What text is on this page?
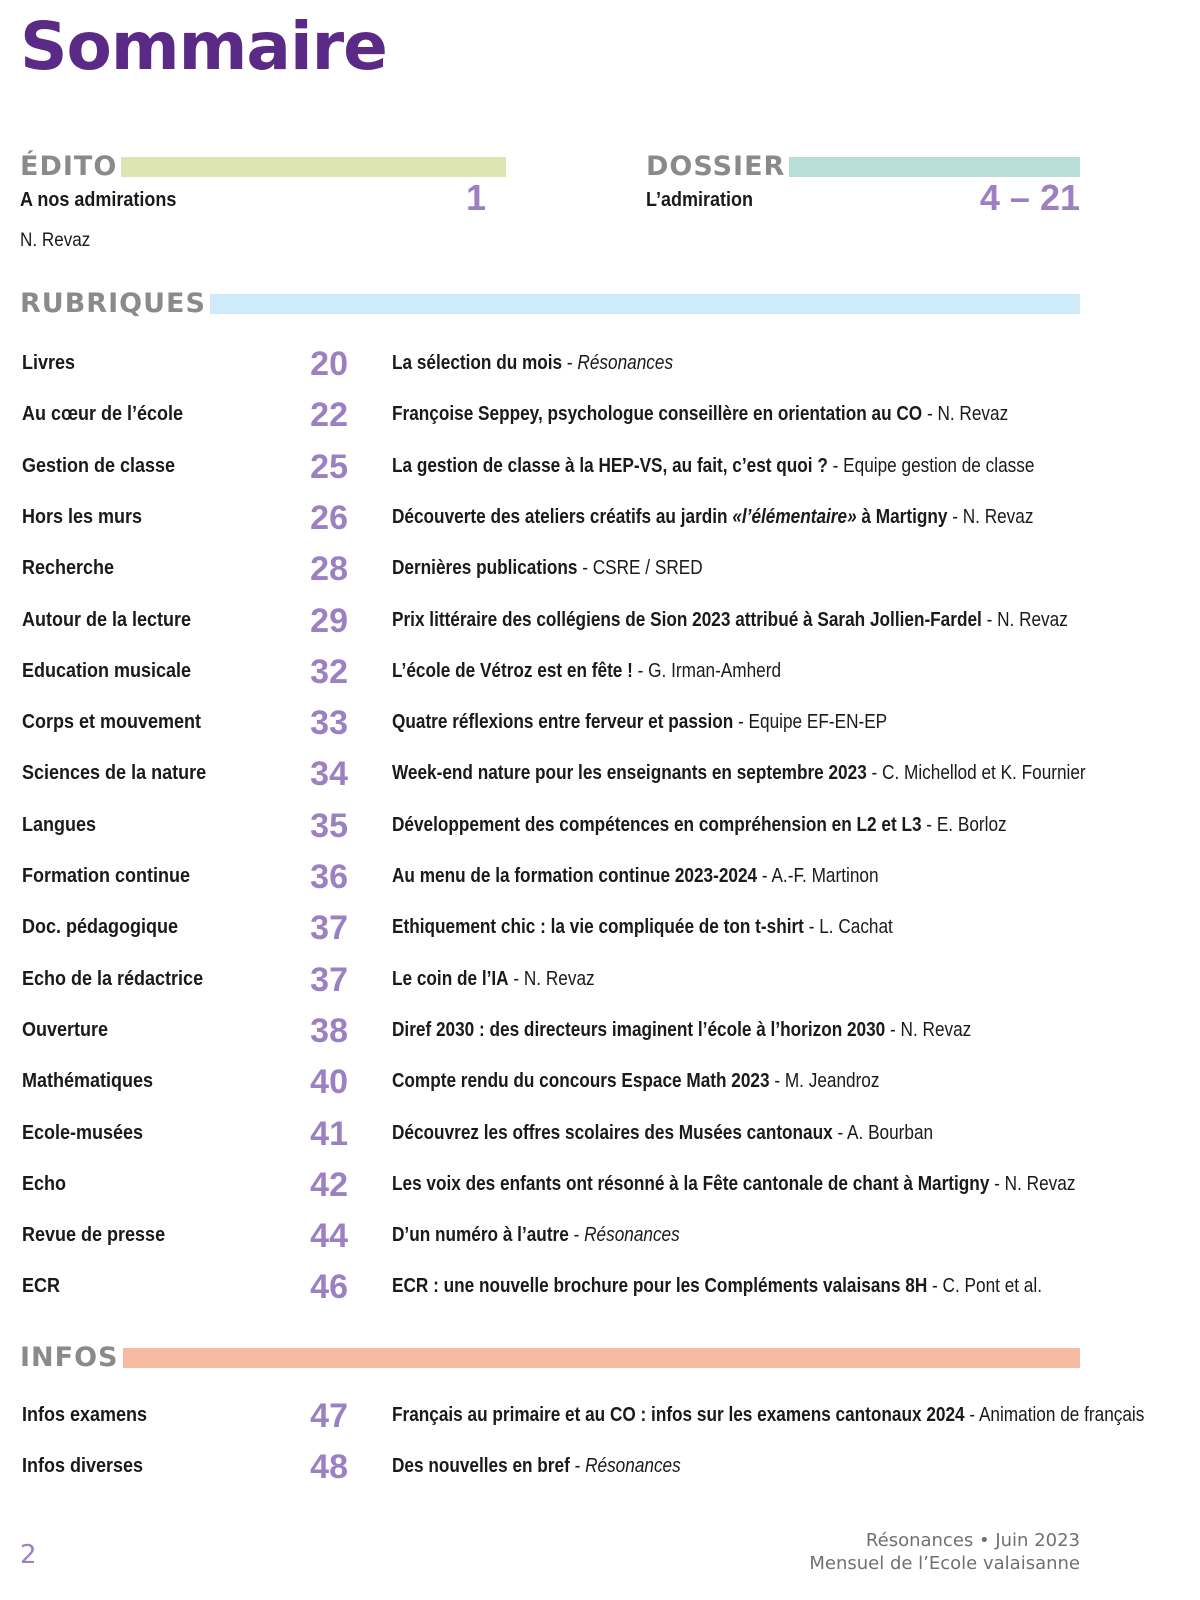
Sommaire
ÉDITO
A nos admirations	1
N. Revaz
DOSSIER
L’admiration	4 – 21
RUBRIQUES
Livres	20 La sélection du mois - Résonances
Au cœur de l’école	22 Françoise Seppey, psychologue conseillère en orientation au CO - N. Revaz
Gestion de classe	25 La gestion de classe à la HEP-VS, au fait, c’est quoi ? - Equipe gestion de classe
Hors les murs	26 Découverte des ateliers créatifs au jardin «l’élémentaire» à Martigny - N. Revaz
Recherche	28 Dernières publications - CSRE / SRED
Autour de la lecture	29 Prix littéraire des collégiens de Sion 2023 attribué à Sarah Jollien-Fardel - N. Revaz
Education musicale	32 L’école de Vétroz est en fête ! - G. Irman-Amherd
Corps et mouvement	33 Quatre réflexions entre ferveur et passion - Equipe EF-EN-EP
Sciences de la nature	34 Week-end nature pour les enseignants en septembre 2023 - C. Michellod et K. Fournier
Langues	35 Développement des compétences en compréhension en L2 et L3 - E. Borloz
Formation continue	36 Au menu de la formation continue 2023-2024 - A.-F. Martinon
Doc. pédagogique	37 Ethiquement chic : la vie compliquée de ton t-shirt - L. Cachat
Echo de la rédactrice	37 Le coin de l’IA - N. Revaz
Ouverture	38 Diref 2030 : des directeurs imaginent l’école à l’horizon 2030 - N. Revaz
Mathématiques	40 Compte rendu du concours Espace Math 2023 - M. Jeandroz
Ecole-musées	41 Découvrez les offres scolaires des Musées cantonaux - A. Bourban
Echo	42 Les voix des enfants ont résonné à la Fête cantonale de chant à Martigny - N. Revaz
Revue de presse	44 D’un numéro à l’autre - Résonances
ECR	46 ECR : une nouvelle brochure pour les Compléments valaisans 8H - C. Pont et al.
INFOS
Infos examens	47 Français au primaire et au CO : infos sur les examens cantonaux 2024 - Animation de français
Infos diverses	48 Des nouvelles en bref - Résonances
2	Résonances • Juin 2023
Mensuel de l’Ecole valaisanne
